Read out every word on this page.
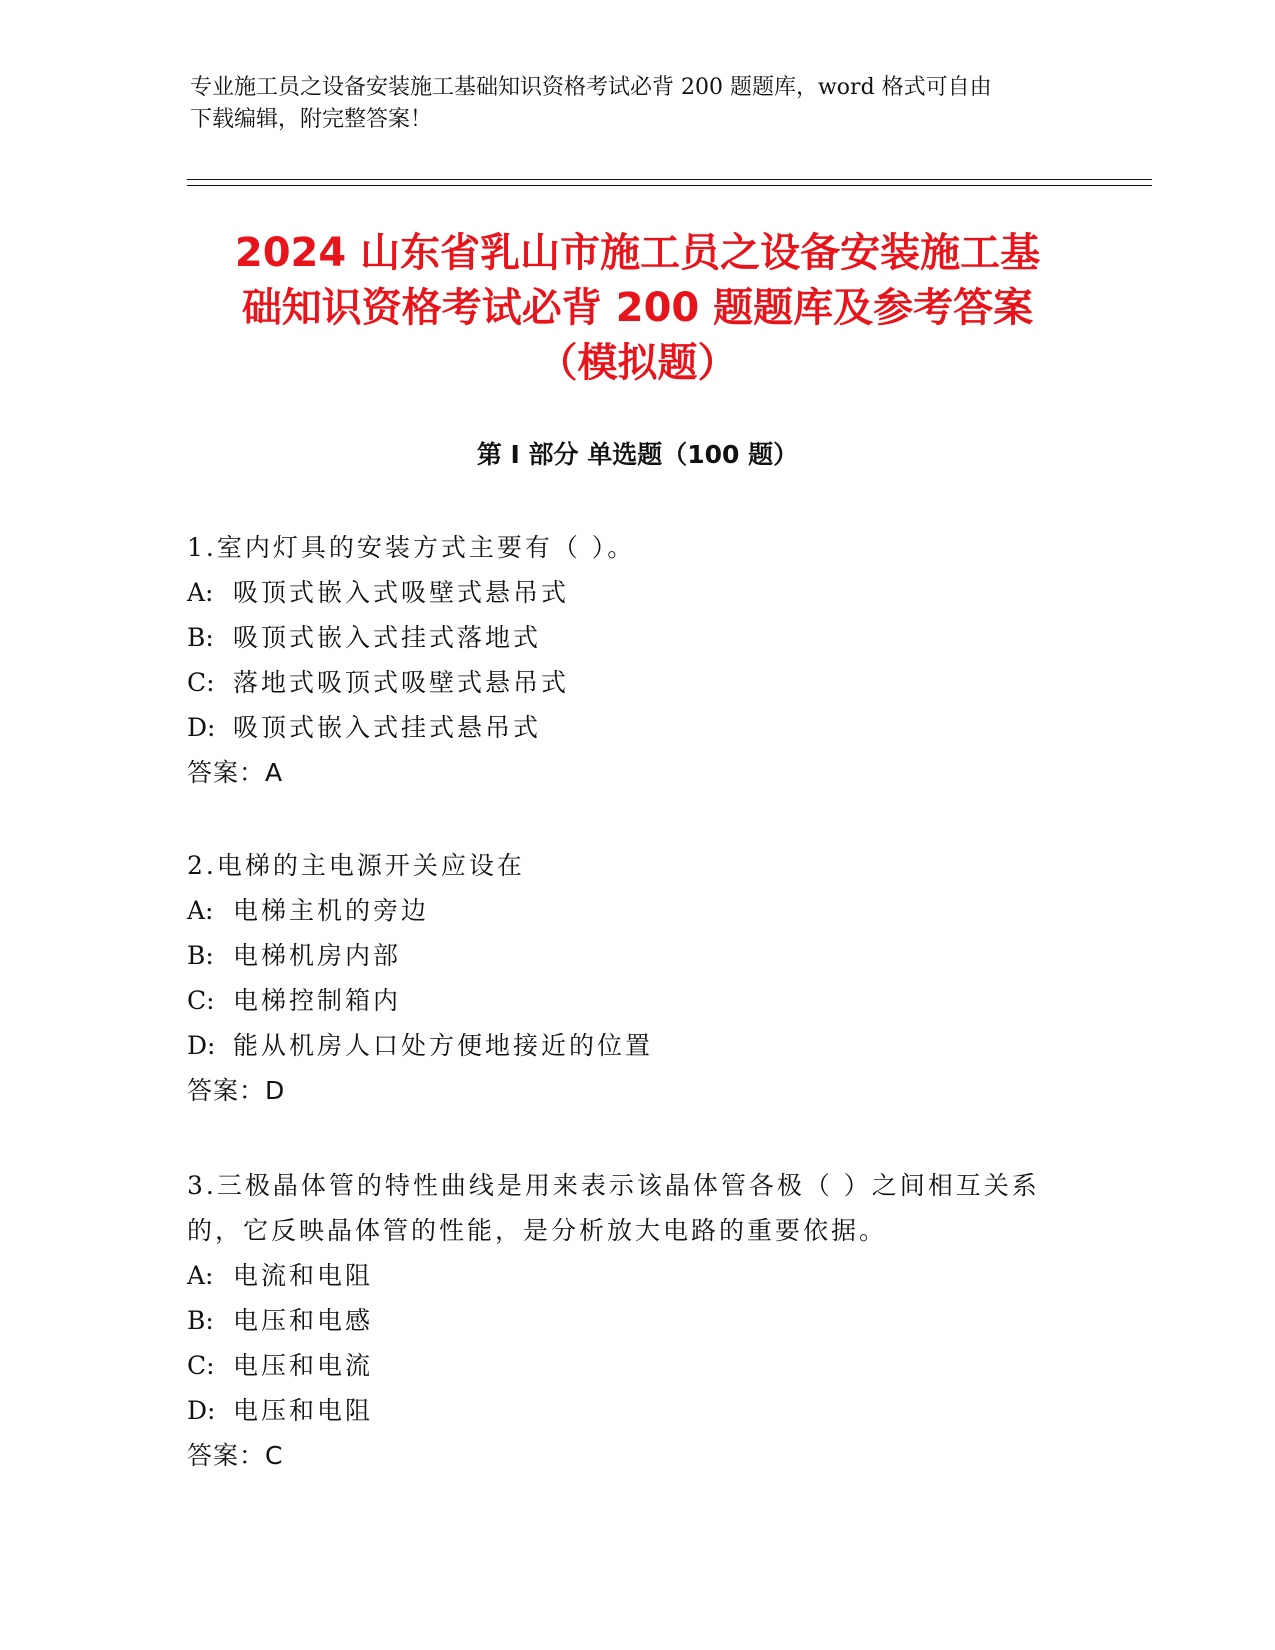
专业施工员之设备安装施工基础知识资格考试必背 200 题题库，word 格式可自由
下载编辑，附完整答案！
2024 山东省乳山市施工员之设备安装施工基
础知识资格考试必背 200 题题库及参考答案
（模拟题）
第 I 部分 单选题（100 题）
1.室内灯具的安装方式主要有（ ）。
A: 吸顶式嵌入式吸壁式悬吊式
B: 吸顶式嵌入式挂式落地式
C: 落地式吸顶式吸壁式悬吊式
D: 吸顶式嵌入式挂式悬吊式
答案：A
2.电梯的主电源开关应设在
A: 电梯主机的旁边
B: 电梯机房内部
C: 电梯控制箱内
D: 能从机房人口处方便地接近的位置
答案：D
3.三极晶体管的特性曲线是用来表示该晶体管各极（ ）之间相互关系
的，它反映晶体管的性能，是分析放大电路的重要依据。
A: 电流和电阻
B: 电压和电感
C: 电压和电流
D: 电压和电阻
答案：C
